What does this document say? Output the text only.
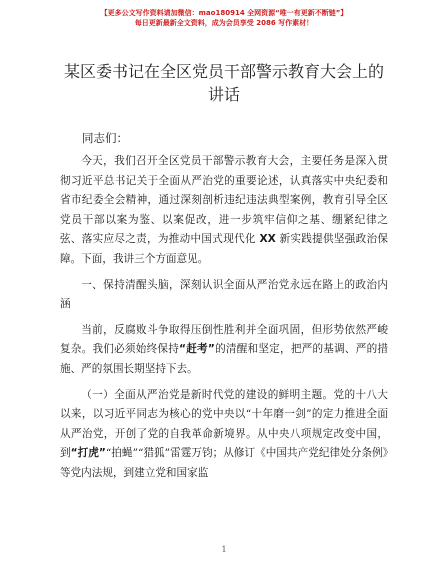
【更多公文写作资料请加微信：mao180914 全网资源“唯一有更新不断链”】
每日更新最新全文资料，成为会员享受 2086 写作素材！
某区委书记在全区党员干部警示教育大会上的讲话
同志们：

今天，我们召开全区党员干部警示教育大会，主要任务是深入贯彻习近平总书记关于全面从严治党的重要论述，认真落实中央纪委和省市纪委全会精神，通过深刻剖析违纪违法典型案例，教育引导全区党员干部以案为鉴、以案促改，进一步筑牢信仰之基、绷紧纪律之弦、落实应尽之责，为推动中国式现代化 XX 新实践提供坚强政治保障。下面，我讲三个方面意见。

一、保持清醒头脑，深刻认识全面从严治党永远在路上的政治内涵

当前，反腐败斗争取得压倒性胜利并全面巩固，但形势依然严峻复杂。我们必须始终保持“赶考”的清醒和坚定，把严的基调、严的措施、严的氛围长期坚持下去。

（一）全面从严治党是新时代党的建设的鲜明主题。党的十八大以来，以习近平同志为核心的党中央以“十年磨一剑”的定力推进全面从严治党，开创了党的自我革命新境界。从中央八项规定改变中国，到“打虎”“拍蝇”“猎狐”雷霆万钧；从修订《中国共产党纪律处分条例》等党内法规，到建立党和国家监

1
